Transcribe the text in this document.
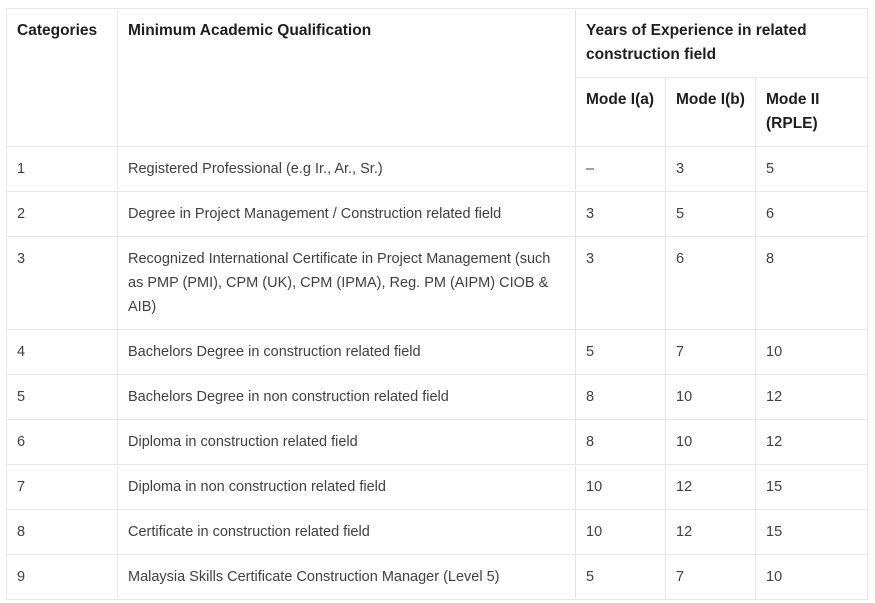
Categories	Minimum Academic Qualification	Years of Experience in related construction field		
		Mode I(a)	Mode I(b)	Mode II (RPLE)
1	Registered Professional (e.g Ir., Ar., Sr.)	–	3	5
2	Degree in Project Management / Construction related field	3	5	6
3	Recognized International Certificate in Project Management (such as PMP (PMI), CPM (UK), CPM (IPMA), Reg. PM (AIPM) CIOB & AIB)	3	6	8
4	Bachelors Degree in construction related field	5	7	10
5	Bachelors Degree in non construction related field	8	10	12
6	Diploma in construction related field	8	10	12
7	Diploma in non construction related field	10	12	15
8	Certificate in construction related field	10	12	15
9	Malaysia Skills Certificate Construction Manager (Level 5)	5	7	10
